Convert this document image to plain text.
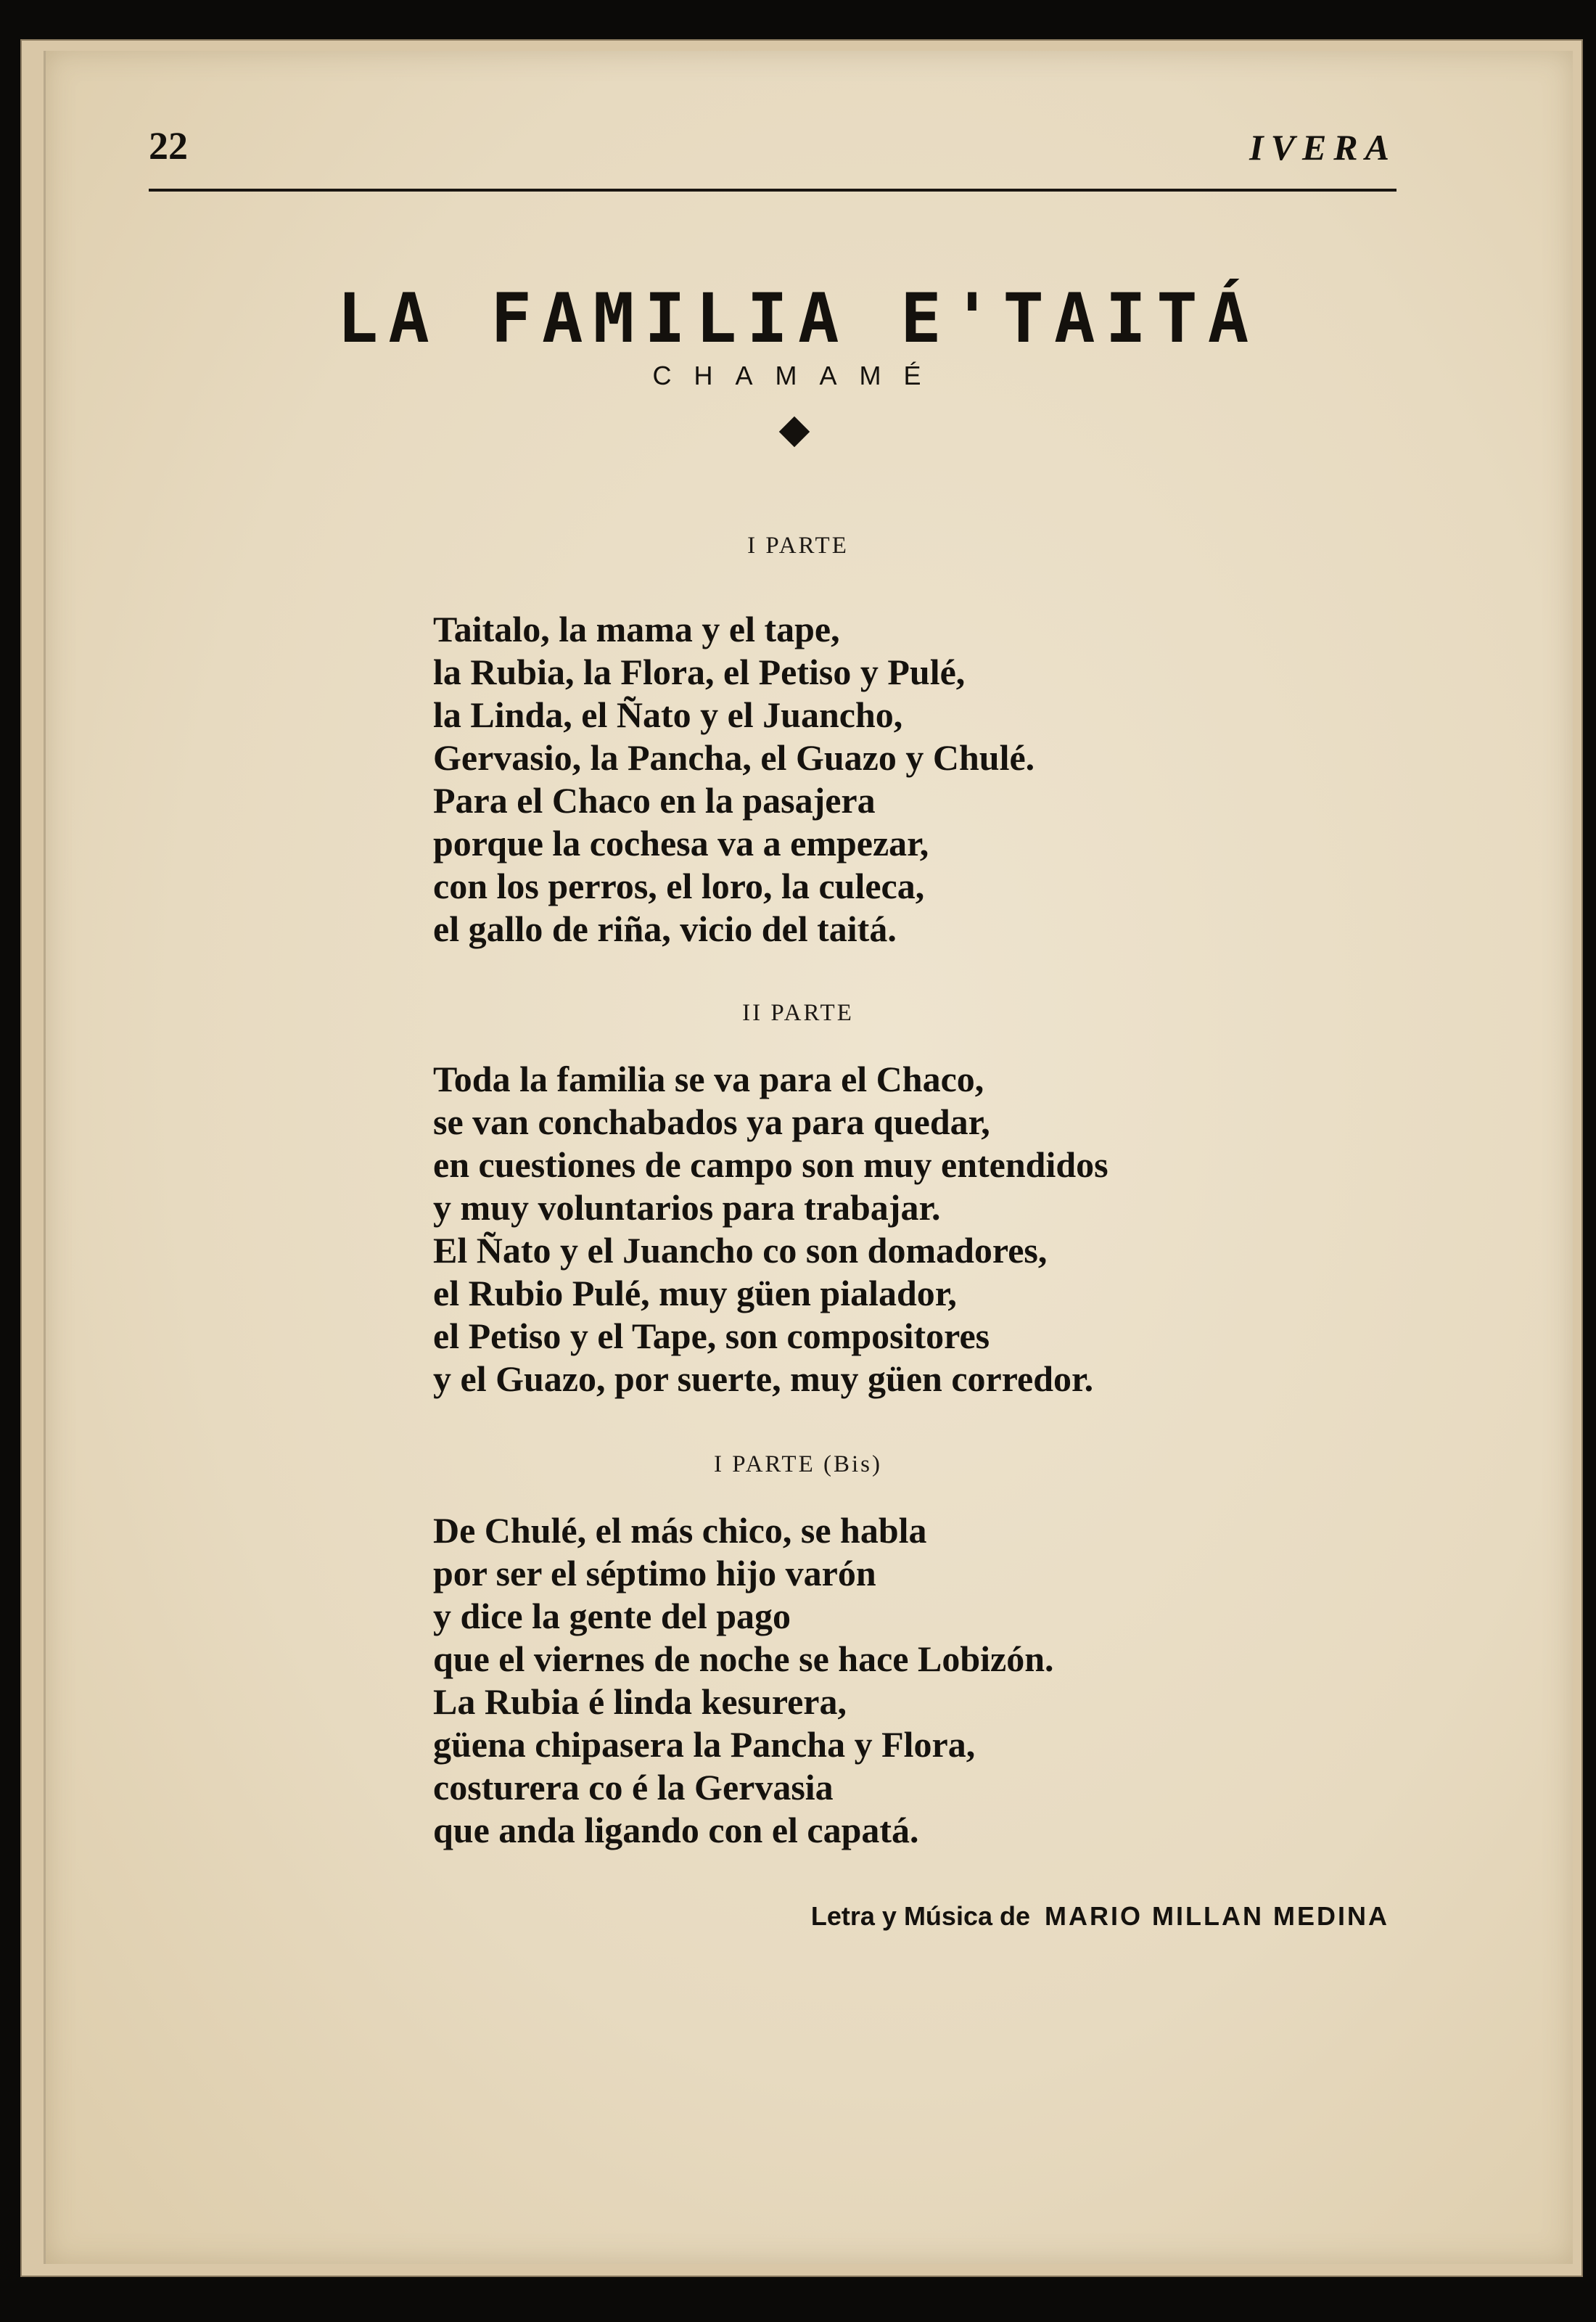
22	IVERA
LA FAMILIA E'TAITÁ
CHAMAMÉ
I PARTE
Taitalo, la mama y el tape,
la Rubia, la Flora, el Petiso y Pulé,
la Linda, el Ñato y el Juancho,
Gervasio, la Pancha, el Guazo y Chulé.
Para el Chaco en la pasajera
porque la cochesa va a empezar,
con los perros, el loro, la culeca,
el gallo de riña, vicio del taitá.
II PARTE
Toda la familia se va para el Chaco,
se van conchabados ya para quedar,
en cuestiones de campo son muy entendidos
y muy voluntarios para trabajar.
El Ñato y el Juancho co son domadores,
el Rubio Pulé, muy güen pialador,
el Petiso y el Tape, son compositores
y el Guazo, por suerte, muy güen corredor.
I PARTE (Bis)
De Chulé, el más chico, se habla
por ser el séptimo hijo varón
y dice la gente del pago
que el viernes de noche se hace Lobizón.
La Rubia é linda kesurera,
güena chipasera la Pancha y Flora,
costurera co é la Gervasia
que anda ligando con el capatá.
Letra y Música de MARIO MILLAN MEDINA
